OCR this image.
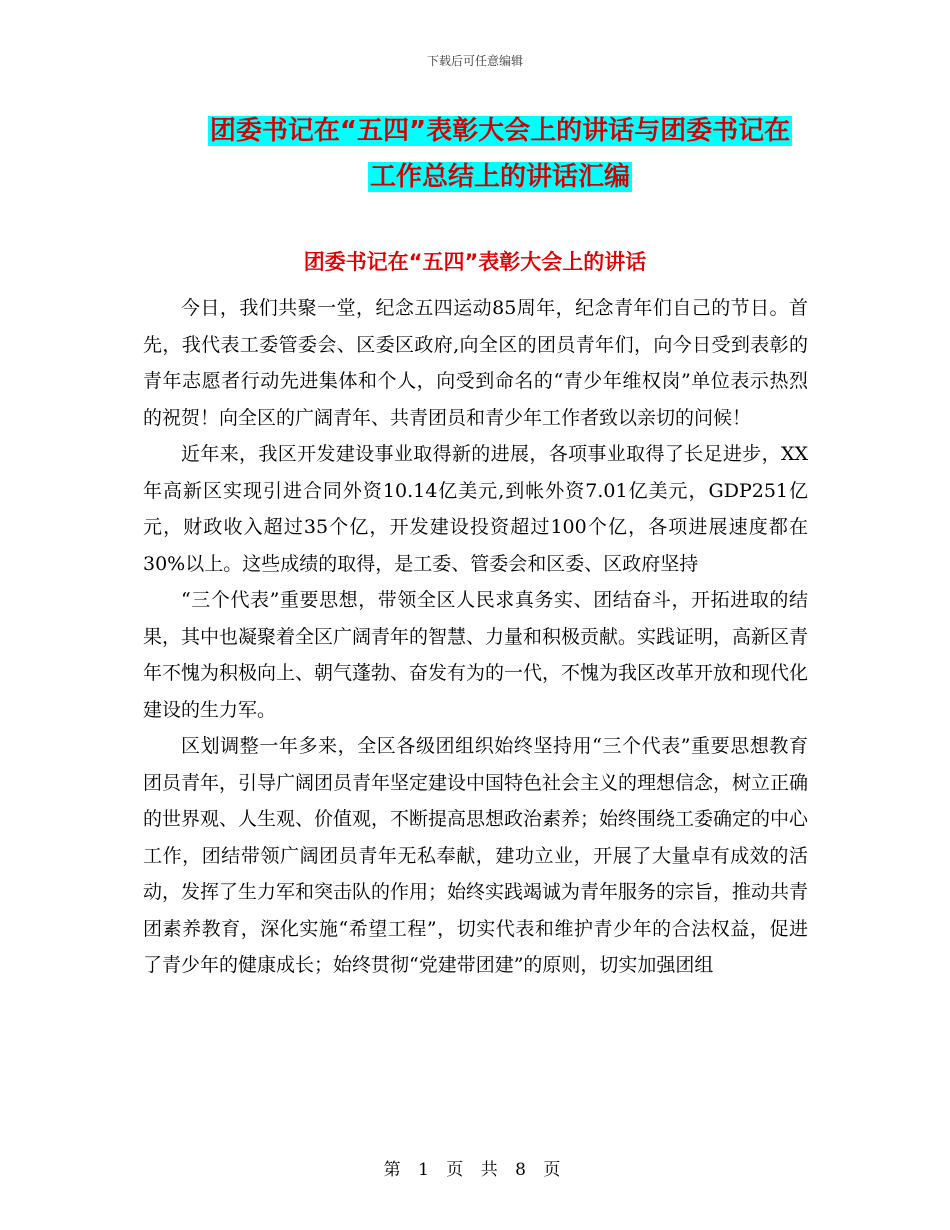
下载后可任意编辑
团委书记在“五四”表彰大会上的讲话与团委书记在
工作总结上的讲话汇编
团委书记在“五四”表彰大会上的讲话

今日，我们共聚一堂，纪念五四运动85周年，纪念青年们自己的节日。首先，我代表工委管委会、区委区政府,向全区的团员青年们，向今日受到表彰的青年志愿者行动先进集体和个人，向受到命名的“青少年维权岗”单位表示热烈的祝贺！向全区的广阔青年、共青团员和青少年工作者致以亲切的问候！

近年来，我区开发建设事业取得新的进展，各项事业取得了长足进步，XX年高新区实现引进合同外资10.14亿美元,到帐外资7.01亿美元，GDP251亿元，财政收入超过35个亿，开发建设投资超过100个亿，各项进展速度都在30%以上。这些成绩的取得，是工委、管委会和区委、区政府坚持

“三个代表”重要思想，带领全区人民求真务实、团结奋斗，开拓进取的结果，其中也凝聚着全区广阔青年的智慧、力量和积极贡献。实践证明，高新区青年不愧为积极向上、朝气蓬勃、奋发有为的一代，不愧为我区改革开放和现代化建设的生力军。

区划调整一年多来，全区各级团组织始终坚持用“三个代表”重要思想教育团员青年，引导广阔团员青年坚定建设中国特色社会主义的理想信念，树立正确的世界观、人生观、价值观，不断提高思想政治素养；始终围绕工委确定的中心工作，团结带领广阔团员青年无私奉献，建功立业，开展了大量卓有成效的活动，发挥了生力军和突击队的作用；始终实践竭诚为青年服务的宗旨，推动共青团素养教育，深化实施“希望工程”，切实代表和维护青少年的合法权益，促进了青少年的健康成长；始终贯彻“党建带团建”的原则，切实加强团组

第 1 页 共 8 页
